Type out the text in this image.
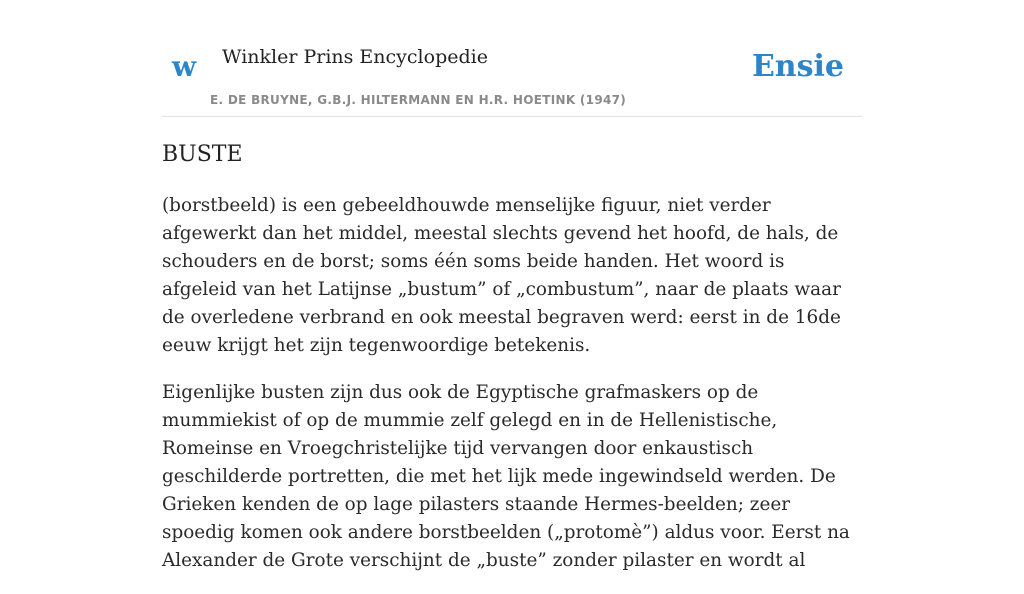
w Winkler Prins Encyclopedie
E. DE BRUYNE, G.B.J. HILTERMANN EN H.R. HOETINK (1947)
Ensie
BUSTE

(borstbeeld) is een gebeeldhouwde menselijke figuur, niet verder afgewerkt dan het middel, meestal slechts gevend het hoofd, de hals, de schouders en de borst; soms één soms beide handen. Het woord is afgeleid van het Latijnse „bustum” of „combustum”, naar de plaats waar de overledene verbrand en ook meestal begraven werd: eerst in de 16de eeuw krijgt het zijn tegenwoordige betekenis.

Eigenlijke busten zijn dus ook de Egyptische grafmaskers op de mummiekist of op de mummie zelf gelegd en in de Hellenistische, Romeinse en Vroegchristelijke tijd vervangen door enkaustisch geschilderde portretten, die met het lijk mede ingewindseld werden. De Grieken kenden de op lage pilasters staande Hermes-beelden; zeer spoedig komen ook andere borstbeelden („protomè”) aldus voor. Eerst na Alexander de Grote verschijnt de „buste” zonder pilaster en wordt al
